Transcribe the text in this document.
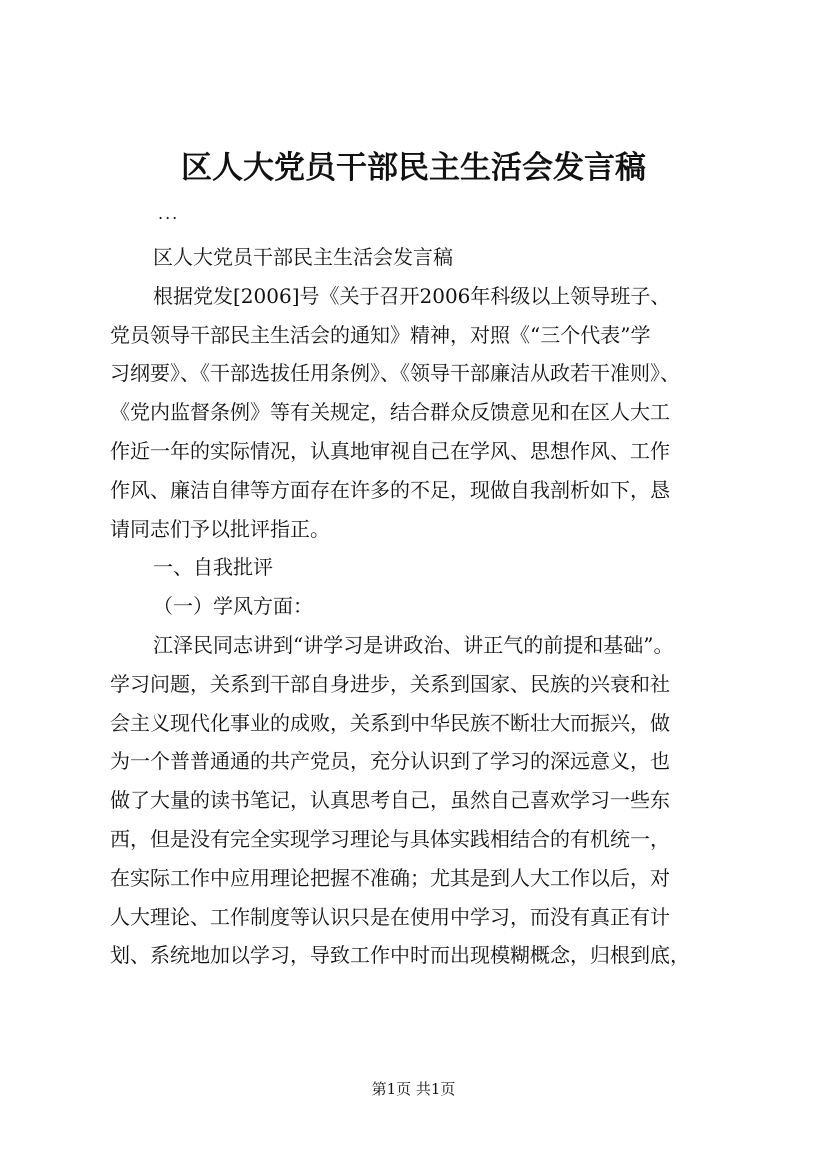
区人大党员干部民主生活会发言稿
...
区人大党员干部民主生活会发言稿
根据党发[2006]号《关于召开2006年科级以上领导班子、
党员领导干部民主生活会的通知》精神，对照《“三个代表”学
习纲要》、《干部选拔任用条例》、《领导干部廉洁从政若干准则》、
《党内监督条例》等有关规定，结合群众反馈意见和在区人大工
作近一年的实际情况，认真地审视自己在学风、思想作风、工作
作风、廉洁自律等方面存在许多的不足，现做自我剖析如下，恳
请同志们予以批评指正。
一、自我批评
（一）学风方面：
江泽民同志讲到“讲学习是讲政治、讲正气的前提和基础”。
学习问题，关系到干部自身进步，关系到国家、民族的兴衰和社
会主义现代化事业的成败，关系到中华民族不断壮大而振兴，做
为一个普普通通的共产党员，充分认识到了学习的深远意义，也
做了大量的读书笔记，认真思考自己，虽然自己喜欢学习一些东
西，但是没有完全实现学习理论与具体实践相结合的有机统一，
在实际工作中应用理论把握不准确；尤其是到人大工作以后，对
人大理论、工作制度等认识只是在使用中学习，而没有真正有计
划、系统地加以学习，导致工作中时而出现模糊概念，归根到底，
第1页 共1页
